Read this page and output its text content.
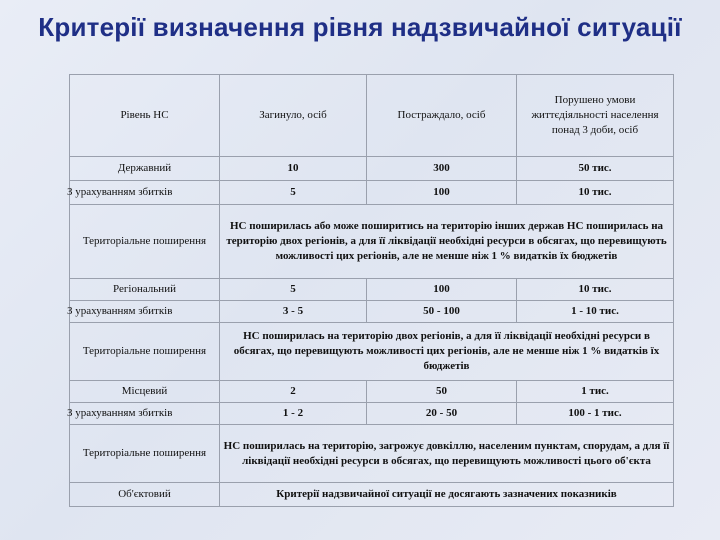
Критерії визначення рівня надзвичайної ситуації
Рівень НС	Загинуло, осіб	Постраждало, осіб	Порушено умови життєдіяльності населення понад 3 доби, осіб
Державний	10	300	50 тис.
З урахуванням збитків	5	100	10 тис.
Територіальне поширення	НС поширилась або може поширитись на територію інших держав НС поширилась на територію двох регіонів, а для її ліквідації необхідні ресурси в обсягах, що перевищують можливості цих регіонів, але не менше ніж 1 % видатків їх бюджетів		
Регіональний	5	100	10 тис.
З урахуванням збитків	3 - 5	50 - 100	1 - 10 тис.
Територіальне поширення	НС поширилась на територію двох регіонів, а для її ліквідації необхідні ресурси в обсягах, що перевищують можливості цих регіонів, але не менше ніж 1 % видатків їх бюджетів		
Місцевий	2	50	1 тис.
З урахуванням збитків	1 - 2	20 - 50	100 - 1 тис.
Територіальне поширення	НС поширилась на територію, загрожує довкіллю, населеним пунктам, спорудам, а для її ліквідації необхідні ресурси в обсягах, що перевищують можливості цього об'єкта		
Об'єктовий	Критерії надзвичайної ситуації не досягають зазначених показників		
